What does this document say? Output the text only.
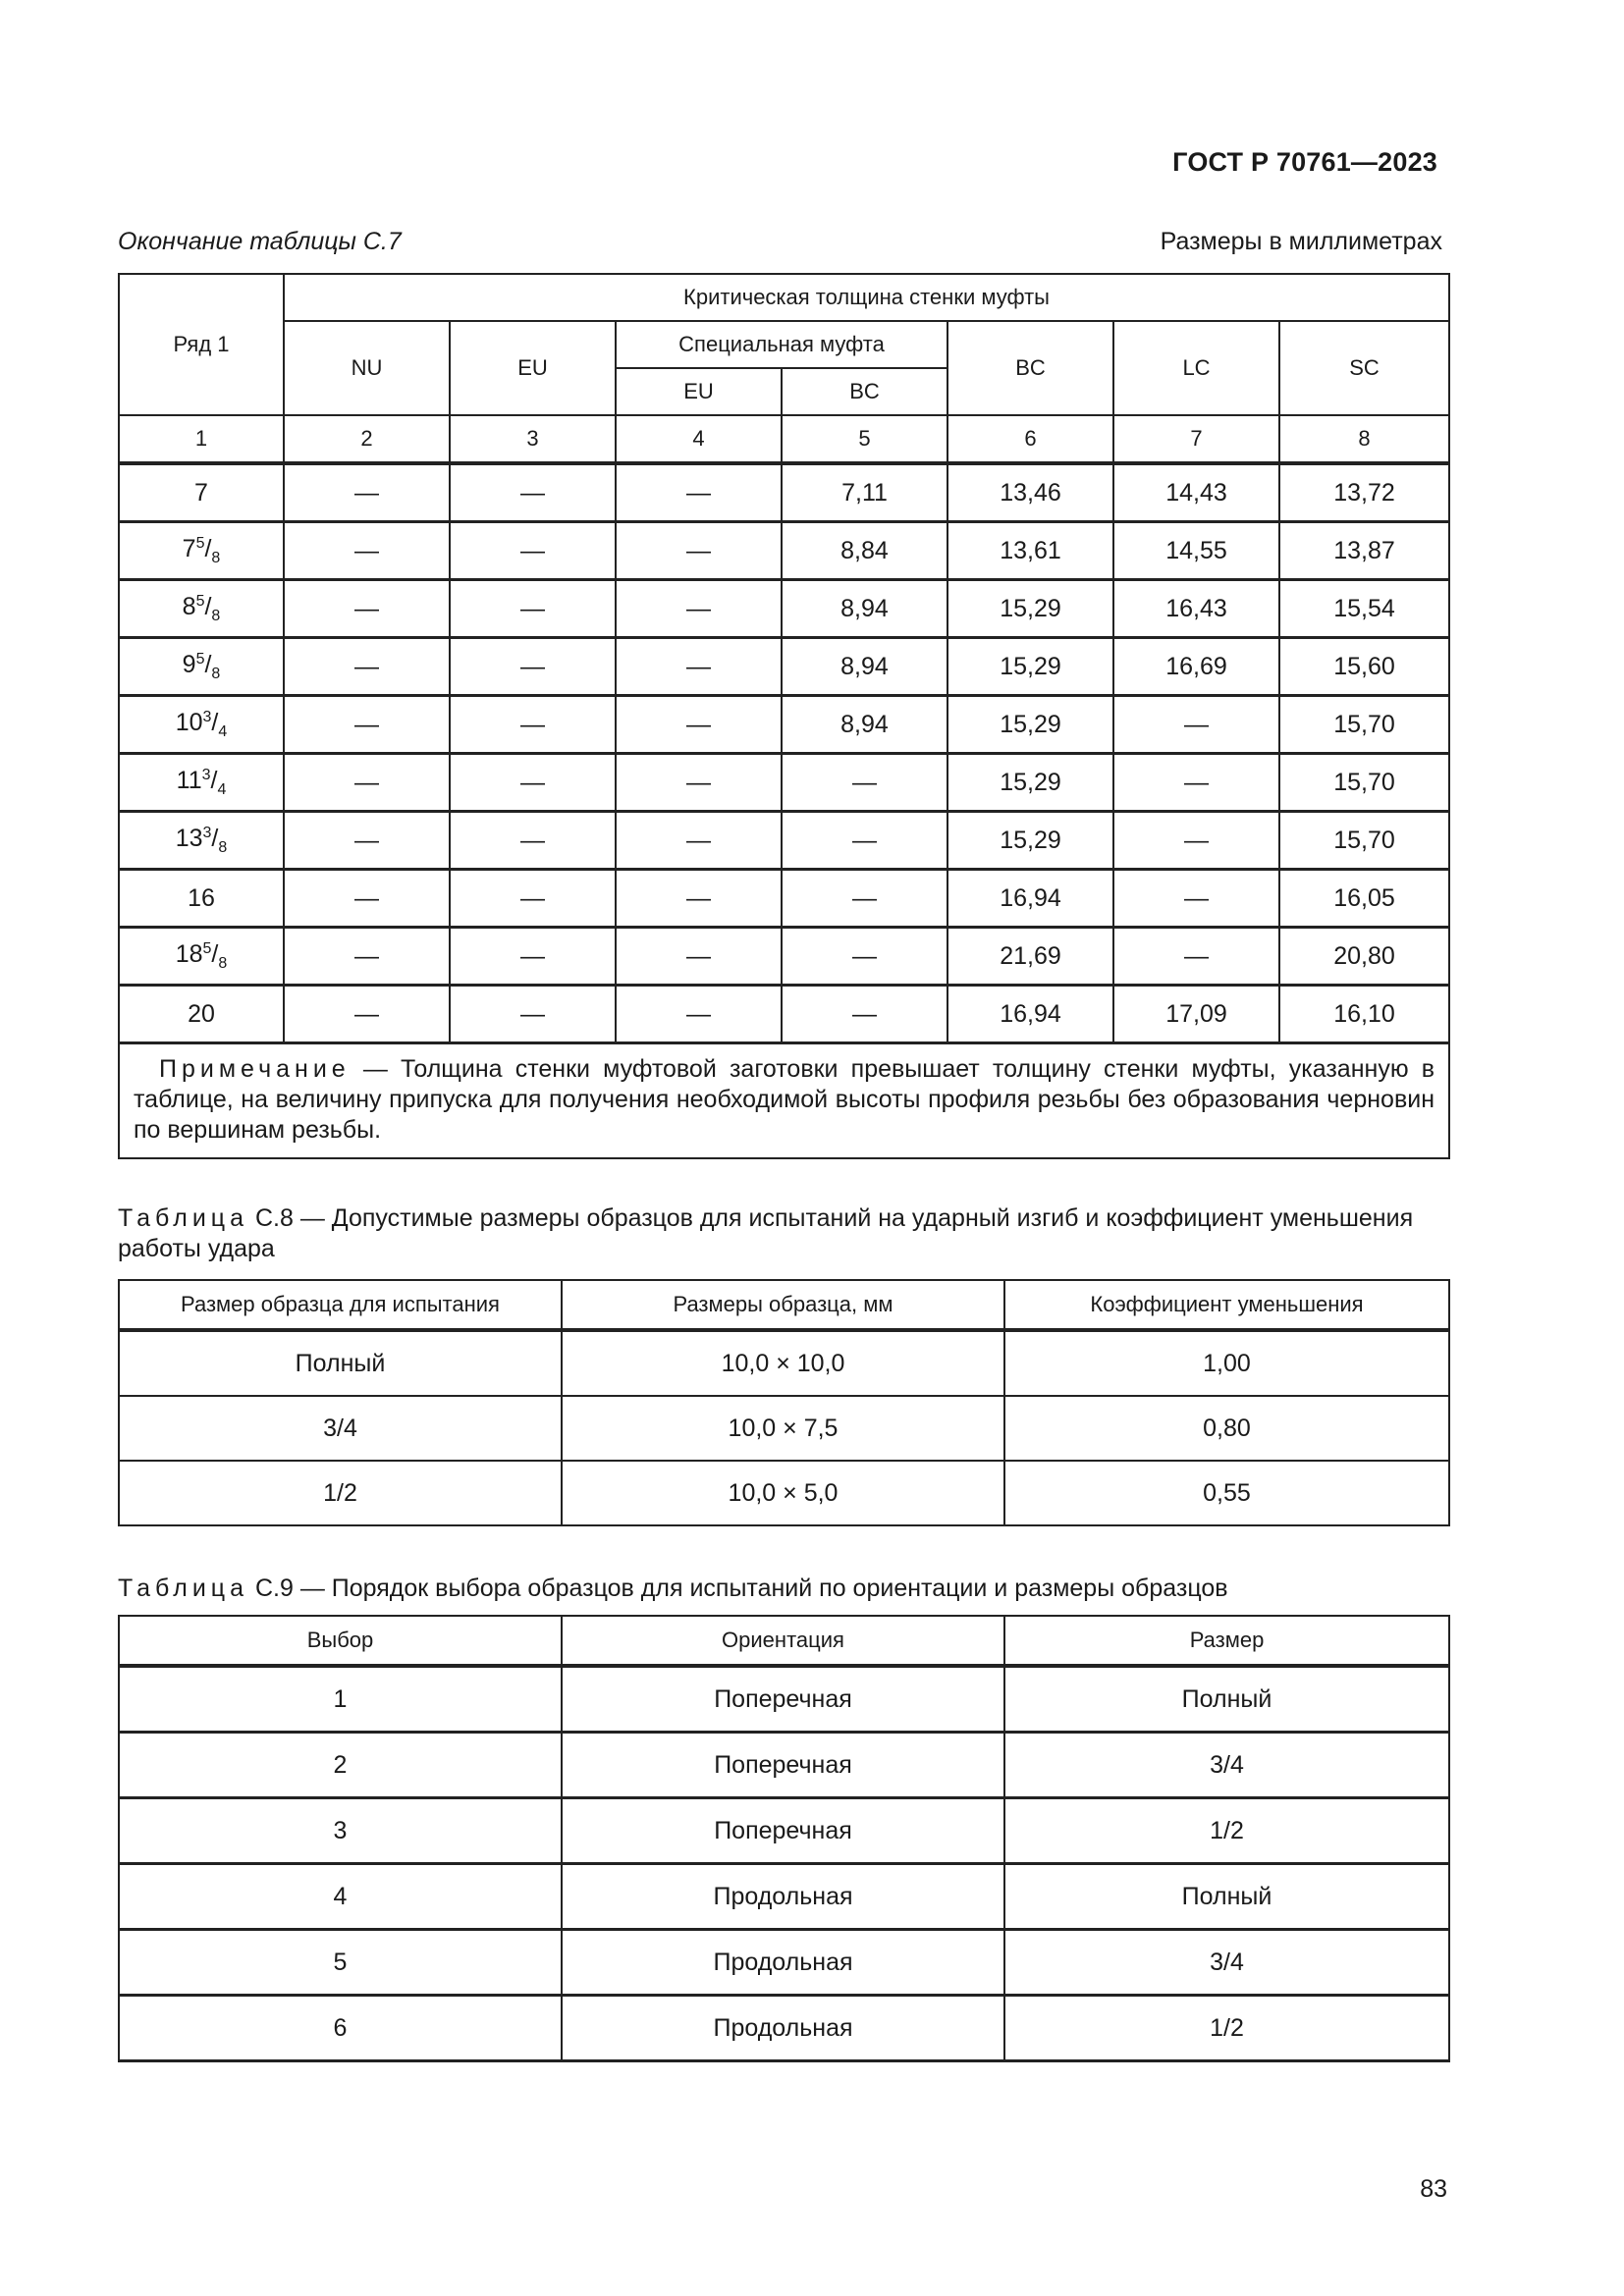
ГОСТ Р 70761—2023
Окончание таблицы С.7	Размеры в миллиметрах
Ряд 1	Критическая толщина стенки муфты						
	NU	EU	Специальная муфта		BC	LC	SC
			EU	BC			
1	2	3	4	5	6	7	8
7	—	—	—	7,11	13,46	14,43	13,72
$7^5/_8$	—	—	—	8,84	13,61	14,55	13,87
$8^5/_8$	—	—	—	8,94	15,29	16,43	15,54
$9^5/_8$	—	—	—	8,94	15,29	16,69	15,60
$10^3/_4$	—	—	—	8,94	15,29	—	15,70
$11^3/_4$	—	—	—	—	15,29	—	15,70
$13^3/_8$	—	—	—	—	15,29	—	15,70
16	—	—	—	—	16,94	—	16,05
$18^5/_8$	—	—	—	—	21,69	—	20,80
20	—	—	—	—	16,94	17,09	16,10
Примечание — Толщина стенки муфтовой заготовки превышает толщину стенки муфты, указанную в таблице, на величину припуска для получения необходимой высоты профиля резьбы без образования черновин по вершинам резьбы.							
Таблица С.8 — Допустимые размеры образцов для испытаний на ударный изгиб и коэффициент уменьшения работы удара
Размер образца для испытания	Размеры образца, мм	Коэффициент уменьшения
Полный	10,0 × 10,0	1,00
3/4	10,0 × 7,5	0,80
1/2	10,0 × 5,0	0,55
Таблица С.9 — Порядок выбора образцов для испытаний по ориентации и размеры образцов
Выбор	Ориентация	Размер
1	Поперечная	Полный
2	Поперечная	3/4
3	Поперечная	1/2
4	Продольная	Полный
5	Продольная	3/4
6	Продольная	1/2
83
